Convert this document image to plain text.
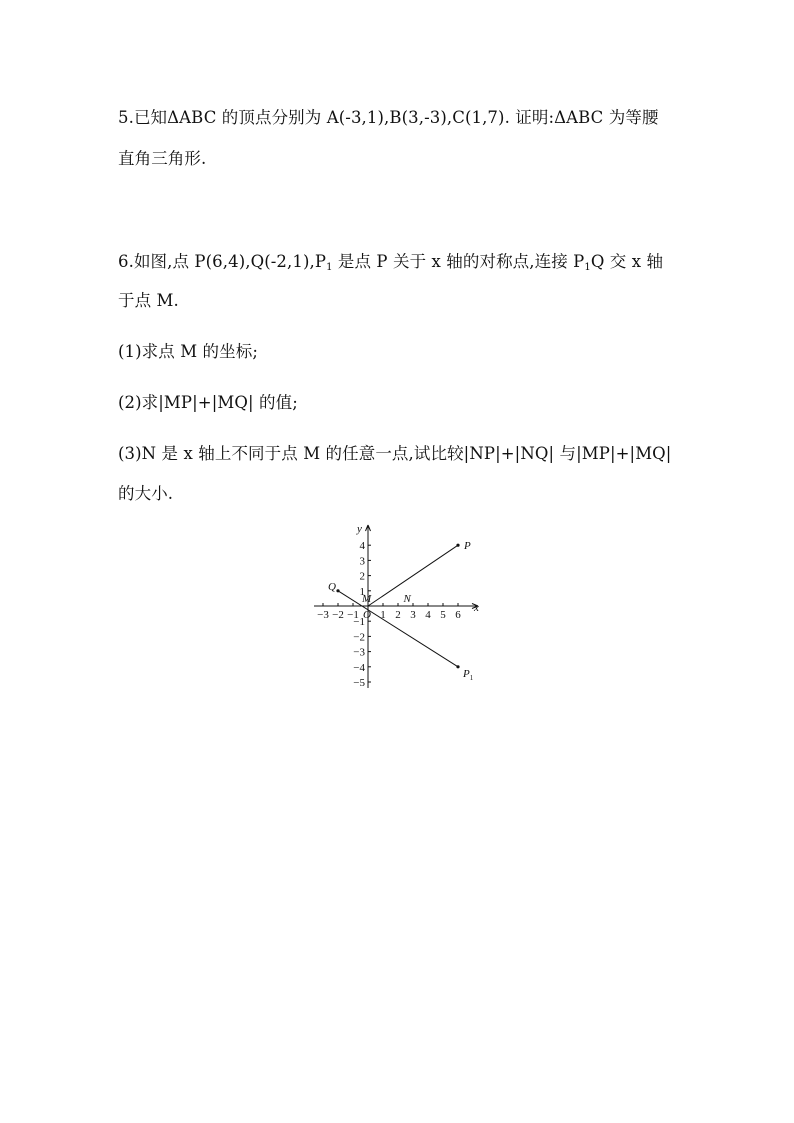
5.已知ΔABC 的顶点分别为 A(-3,1),B(3,-3),C(1,7). 证明:ΔABC 为等腰
直角三角形.
6.如图,点 $P(6,4),Q(-2,1),P_1$ 是点 P 关于 x 轴的对称点,连接 $P_1Q$ 交 x 轴
于点 M.
(1)求点 M 的坐标;
(2)求|MP|+|MQ| 的值;
(3)N 是 x 轴上不同于点 M 的任意一点,试比较|NP|+|NQ| 与|MP|+|MQ|
的大小.
−3 −2 −1 1 2 3 4 5 6
4
3
2
1
−1
−2
−3
−4
−5
P
Q
$P_1$
M	N
x
y
O
